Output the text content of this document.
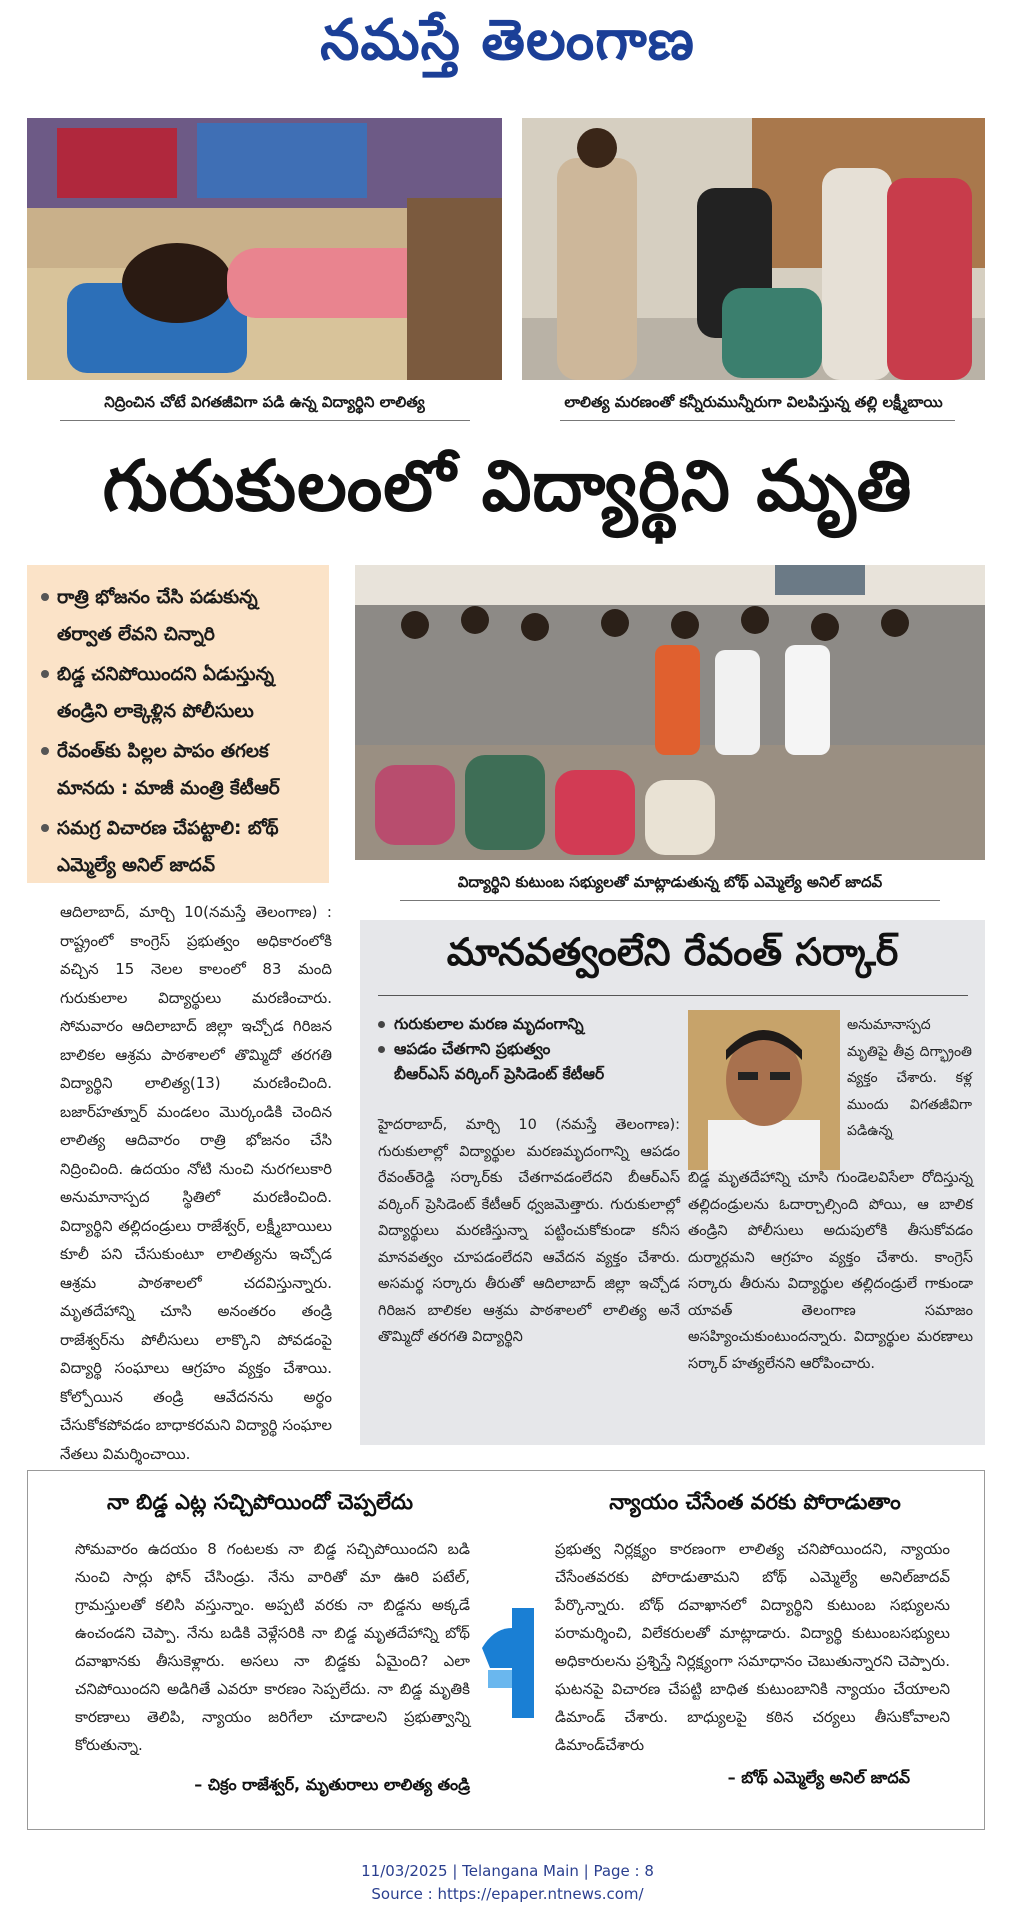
నమస్తే తెలంగాణ
నిద్రించిన చోటే విగతజీవిగా పడి ఉన్న విద్యార్థిని లాలిత్య	లాలిత్య మరణంతో కన్నీరుమున్నీరుగా విలపిస్తున్న తల్లి లక్ష్మీబాయి
గురుకులంలో విద్యార్థిని మృతి
రాత్రి భోజనం చేసి పడుకున్న తర్వాత లేవని చిన్నారి
బిడ్డ చనిపోయిందని ఏడుస్తున్న తండ్రిని లాక్కెళ్లిన పోలీసులు
రేవంత్‌కు పిల్లల పాపం తగలక మానదు : మాజీ మంత్రి కేటీఆర్
సమగ్ర విచారణ చేపట్టాలి: బోథ్ ఎమ్మెల్యే అనిల్ జాదవ్
విద్యార్థిని కుటుంబ సభ్యులతో మాట్లాడుతున్న బోథ్ ఎమ్మెల్యే అనిల్ జాదవ్
ఆదిలాబాద్, మార్చి 10(నమస్తే తెలంగాణ) : రాష్ట్రంలో కాంగ్రెస్ ప్రభుత్వం అధికారంలోకి వచ్చిన 15 నెలల కాలంలో 83 మంది గురుకులాల విద్యార్థులు మరణించారు. సోమవారం ఆదిలాబాద్ జిల్లా ఇచ్చోడ గిరిజన బాలికల ఆశ్రమ పాఠశాలలో తొమ్మిదో తరగతి విద్యార్థిని లాలిత్య(13) మరణించింది. బజార్‌హత్నూర్ మండలం మొర్కండికి చెందిన లాలిత్య ఆదివారం రాత్రి భోజనం చేసి నిద్రించింది. ఉదయం నోటి నుంచి నురగలుకారి అనుమానాస్పద స్థితిలో మరణించింది. విద్యార్థిని తల్లిదండ్రులు రాజేశ్వర్, లక్ష్మీబాయిలు కూలీ పని చేసుకుంటూ లాలిత్యను ఇచ్చోడ ఆశ్రమ పాఠశాలలో చదవిస్తున్నారు. మృతదేహాన్ని చూసి అనంతరం తండ్రి రాజేశ్వర్‌ను పోలీసులు లాక్కొని పోవడంపై విద్యార్థి సంఘాలు ఆగ్రహం వ్యక్తం చేశాయి. కోల్పోయిన తండ్రి ఆవేదనను అర్థం చేసుకోకపోవడం బాధాకరమని విద్యార్థి సంఘాల నేతలు విమర్శించాయి.
మానవత్వంలేని రేవంత్ సర్కార్
గురుకులాల మరణ మృదంగాన్ని
ఆపడం చేతగాని ప్రభుత్వం
బీఆర్‌ఎస్ వర్కింగ్ ప్రెసిడెంట్ కేటీఆర్
అనుమానాస్పద మృతిపై తీవ్ర దిగ్భ్రాంతి వ్యక్తం చేశారు. కళ్ల ముందు విగతజీవిగా పడిఉన్న
హైదరాబాద్, మార్చి 10 (నమస్తే తెలంగాణ): గురుకులాల్లో విద్యార్థుల మరణమృదంగాన్ని ఆపడం రేవంత్‌రెడ్డి సర్కార్‌కు చేతగావడంలేదని బీఆర్‌ఎస్ వర్కింగ్ ప్రెసిడెంట్ కేటీఆర్ ధ్వజమెత్తారు. గురుకులాల్లో విద్యార్థులు మరణిస్తున్నా పట్టించుకోకుండా కనీస మానవత్వం చూపడంలేదని ఆవేదన వ్యక్తం చేశారు. అసమర్థ సర్కారు తీరుతో ఆదిలాబాద్ జిల్లా ఇచ్చోడ గిరిజన బాలికల ఆశ్రమ పాఠశాలలో లాలిత్య అనే తొమ్మిదో తరగతి విద్యార్థిని
బిడ్డ మృతదేహాన్ని చూసి గుండెలవిసేలా రోదిస్తున్న తల్లిదండ్రులను ఓదార్చాల్సింది పోయి, ఆ బాలిక తండ్రిని పోలీసులు అదుపులోకి తీసుకోవడం దుర్మార్గమని ఆగ్రహం వ్యక్తం చేశారు. కాంగ్రెస్ సర్కారు తీరును విద్యార్థుల తల్లిదండ్రులే గాకుండా యావత్ తెలంగాణ సమాజం అసహ్యించుకుంటుందన్నారు. విద్యార్థుల మరణాలు సర్కార్ హత్యలేనని ఆరోపించారు.
నా బిడ్డ ఎట్ల సచ్చిపోయిందో చెప్పలేదు
సోమవారం ఉదయం 8 గంటలకు నా బిడ్డ సచ్చిపోయిందని బడి నుంచి సార్లు ఫోన్ చేసిండ్రు. నేను వారితో మా ఊరి పటేల్, గ్రామస్తులతో కలిసి వస్తున్నాం. అప్పటి వరకు నా బిడ్డను అక్కడే ఉంచండని చెప్పా. నేను బడికి వెళ్లేసరికి నా బిడ్డ మృతదేహాన్ని బోథ్ దవాఖానకు తీసుకెళ్లారు. అసలు నా బిడ్డకు ఏమైంది? ఎలా చనిపోయిందని అడిగితే ఎవరూ కారణం సెప్పలేదు. నా బిడ్డ మృతికి కారణాలు తెలిపి, న్యాయం జరిగేలా చూడాలని ప్రభుత్వాన్ని కోరుతున్నా.
– చిక్రం రాజేశ్వర్, మృతురాలు లాలిత్య తండ్రి
న్యాయం చేసేంత వరకు పోరాడుతాం
ప్రభుత్వ నిర్లక్ష్యం కారణంగా లాలిత్య చనిపోయిందని, న్యాయం చేసేంతవరకు పోరాడుతామని బోథ్ ఎమ్మెల్యే అనిల్‌జాదవ్ పేర్కొన్నారు. బోథ్ దవాఖానలో విద్యార్థిని కుటుంబ సభ్యులను పరామర్శించి, విలేకరులతో మాట్లాడారు. విద్యార్థి కుటుంబసభ్యులు అధికారులను ప్రశ్నిస్తే నిర్లక్ష్యంగా సమాధానం చెబుతున్నారని చెప్పారు. ఘటనపై విచారణ చేపట్టి బాధిత కుటుంబానికి న్యాయం చేయాలని డిమాండ్ చేశారు. బాధ్యులపై కఠిన చర్యలు తీసుకోవాలని డిమాండ్‌చేశారు
– బోథ్ ఎమ్మెల్యే అనిల్ జాదవ్
11/03/2025 | Telangana Main | Page : 8
Source : https://epaper.ntnews.com/
